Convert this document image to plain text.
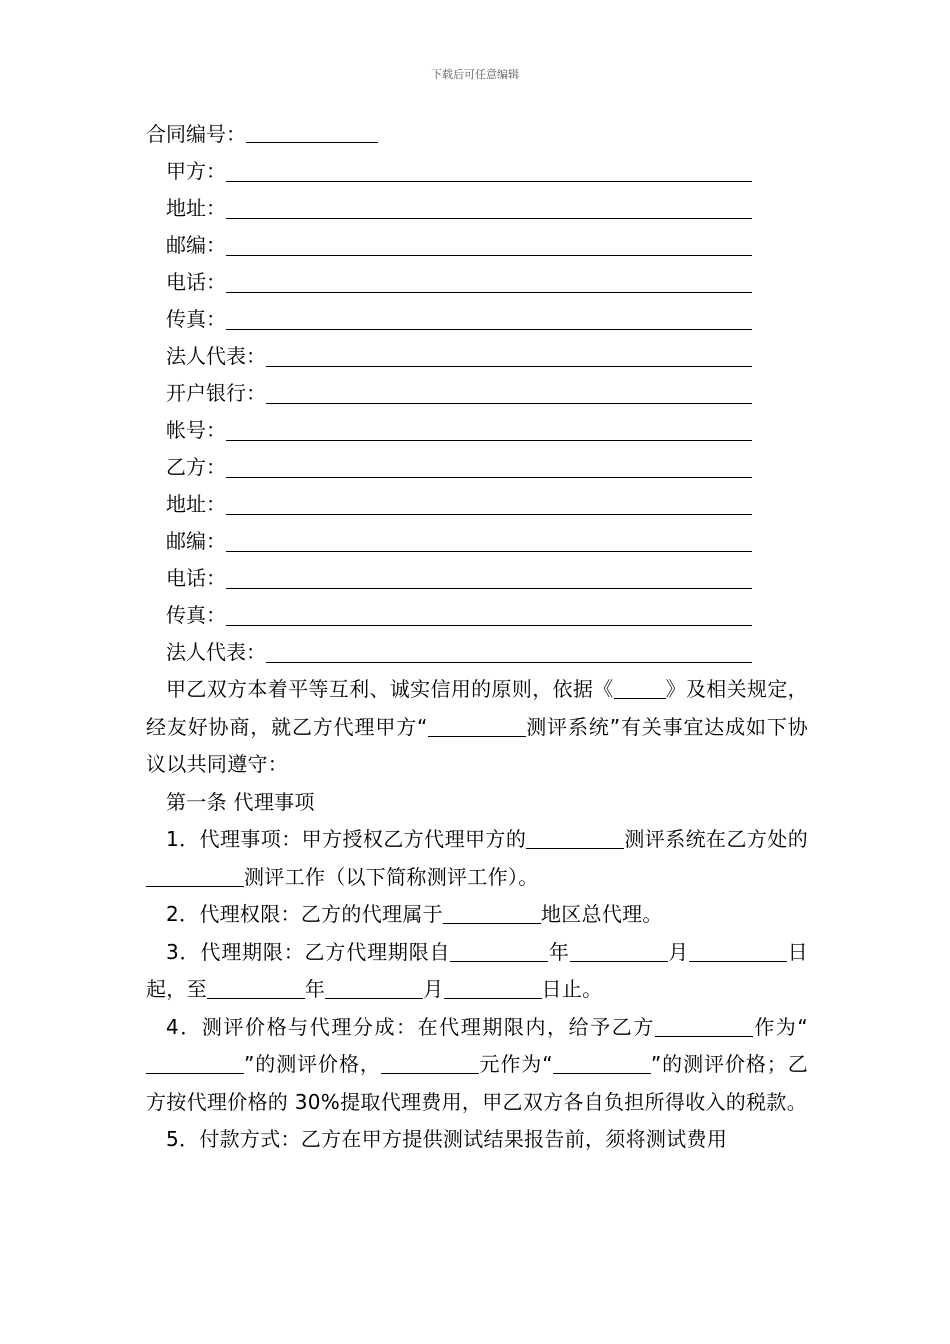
下载后可任意编辑
合同编号：
甲方：
地址：
邮编：
电话：
传真：
法人代表：
开户银行：
帐号：
乙方：
地址：
邮编：
电话：
传真：
法人代表：
甲乙双方本着平等互利、诚实信用的原则，依据《	》及相关规定，经友好协商，就乙方代理甲方“	测评系统”有关事宜达成如下协议以共同遵守：
第一条 代理事项
1．代理事项：甲方授权乙方代理甲方的	测评系统在乙方处的测评工作（以下简称测评工作）。
2．代理权限：乙方的代理属于	地区总代理。
3．代理期限：乙方代理期限自	年	月	日起，至	年	月	日止。
4．测评价格与代理分成：在代理期限内，给予乙方	作为“”的测评价格，	元作为“	”的测评价格；乙方按代理价格的 30%提取代理费用，甲乙双方各自负担所得收入的税款。
5．付款方式：乙方在甲方提供测试结果报告前，须将测试费用
